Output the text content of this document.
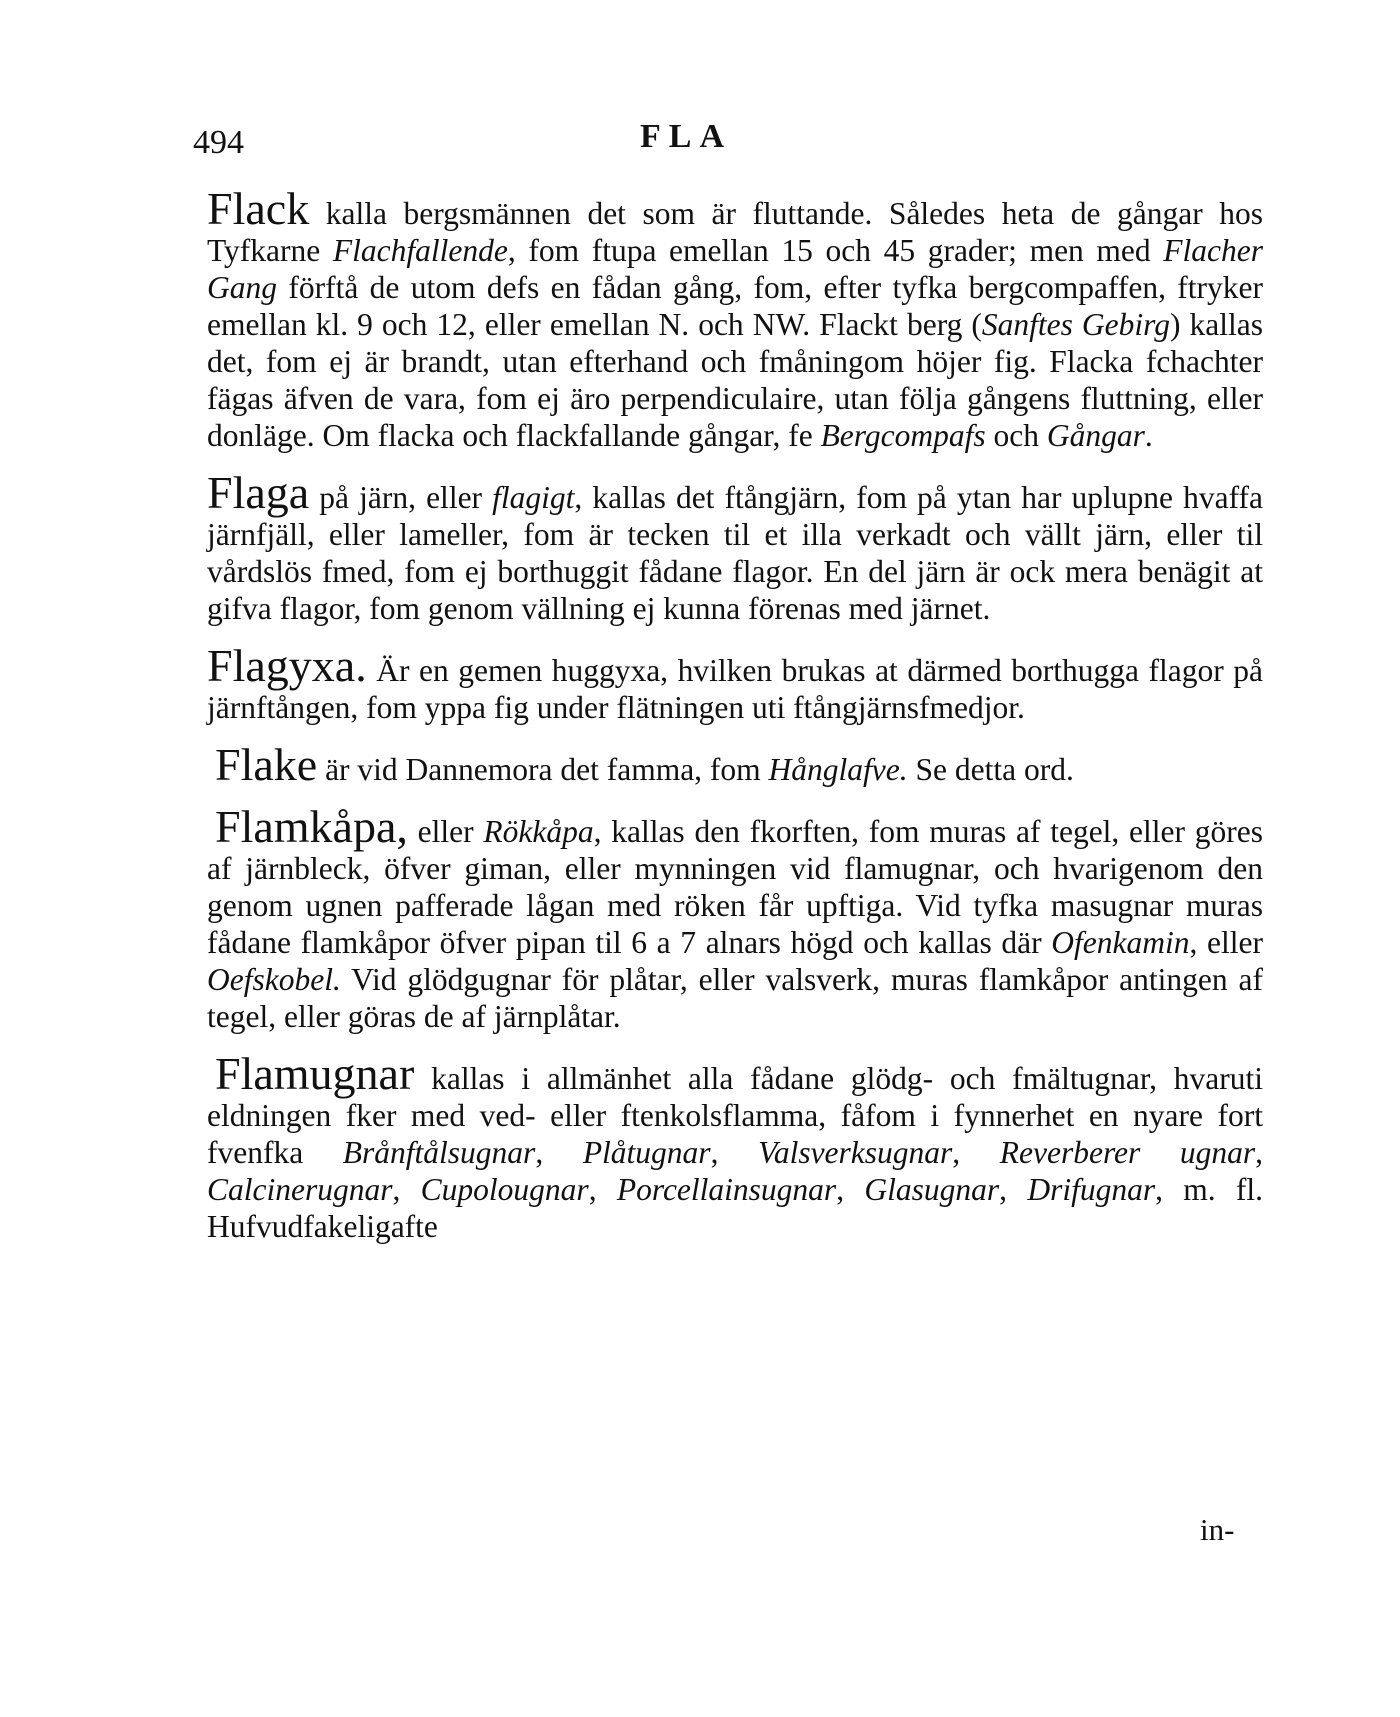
494	FLA

Flack kalla bergsmännen det som är fluttande. Således heta de gångar hos Tyfkarne Flachfallende, fom ftupa emellan 15 och 45 grader; men med Flacher Gang förftå de utom defs en fådan gång, fom, efter tyfka bergcompaffen, ftryker emellan kl. 9 och 12, eller emellan N. och NW. Flackt berg (Sanftes Gebirg) kallas det, fom ej är brandt, utan efterhand och fmåningom höjer fig. Flacka fchachter fägas äfven de vara, fom ej äro perpendiculaire, utan följa gångens fluttning, eller donläge. Om flacka och flackfallande gångar, fe Bergcompafs och Gångar.

Flaga på järn, eller flagigt, kallas det ftångjärn, fom på ytan har uplupne hvaffa järnfjäll, eller lameller, fom är tecken til et illa verkadt och vällt järn, eller til vårdslös fmed, fom ej borthuggit fådane flagor. En del järn är ock mera benägit at gifva flagor, fom genom vällning ej kunna förenas med järnet.

Flagyxa. Är en gemen huggyxa, hvilken brukas at därmed borthugga flagor på järnftången, fom yppa fig under flätningen uti ftångjärnsfmedjor.

Flake är vid Dannemora det famma, fom Hånglafve. Se detta ord.

Flamkåpa, eller Rökkåpa, kallas den fkorften, fom muras af tegel, eller göres af järnbleck, öfver giman, eller mynningen vid flamugnar, och hvarigenom den genom ugnen pafferade lågan med röken får upftiga. Vid tyfka masugnar muras fådane flamkåpor öfver pipan til 6 a 7 alnars högd och kallas där Ofenkamin, eller Oefskobel. Vid glödgugnar för plåtar, eller valsverk, muras flamkåpor antingen af tegel, eller göras de af järnplåtar.

Flamugnar kallas i allmänhet alla fådane glödg- och fmältugnar, hvaruti eldningen fker med ved- eller ftenkolsflamma, fåfom i fynnerhet en nyare fort fvenfka Brånftålsugnar, Plåtugnar, Valsverksugnar, Reverberer ugnar, Calcinerugnar, Cupolougnar, Porcellainsugnar, Glasugnar, Drifugnar, m. fl. Hufvudfakeligafte

in-
